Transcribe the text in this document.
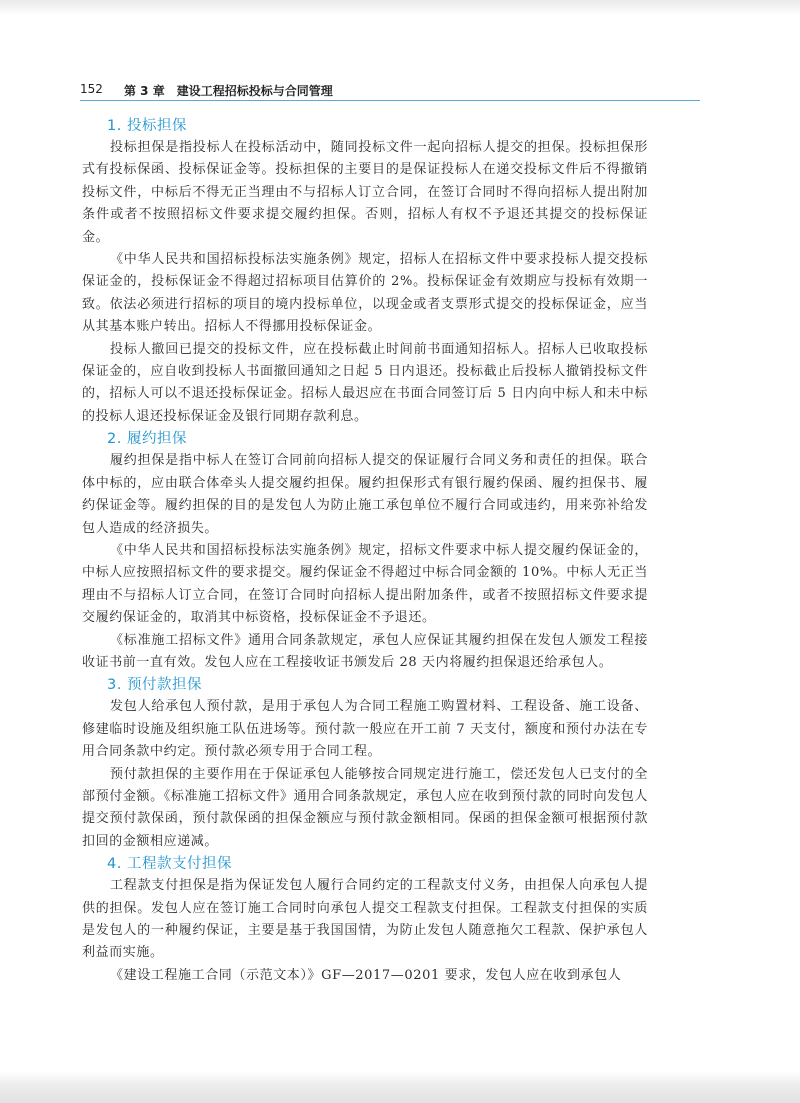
152 第 3 章　建设工程招标投标与合同管理
1. 投标担保

投标担保是指投标人在投标活动中，随同投标文件一起向招标人提交的担保。投标担保形式有投标保函、投标保证金等。投标担保的主要目的是保证投标人在递交投标文件后不得撤销投标文件，中标后不得无正当理由不与招标人订立合同，在签订合同时不得向招标人提出附加条件或者不按照招标文件要求提交履约担保。否则，招标人有权不予退还其提交的投标保证金。

《中华人民共和国招标投标法实施条例》规定，招标人在招标文件中要求投标人提交投标保证金的，投标保证金不得超过招标项目估算价的 2%。投标保证金有效期应与投标有效期一致。依法必须进行招标的项目的境内投标单位，以现金或者支票形式提交的投标保证金，应当从其基本账户转出。招标人不得挪用投标保证金。

投标人撤回已提交的投标文件，应在投标截止时间前书面通知招标人。招标人已收取投标保证金的，应自收到投标人书面撤回通知之日起 5 日内退还。投标截止后投标人撤销投标文件的，招标人可以不退还投标保证金。招标人最迟应在书面合同签订后 5 日内向中标人和未中标的投标人退还投标保证金及银行同期存款利息。

2. 履约担保

履约担保是指中标人在签订合同前向招标人提交的保证履行合同义务和责任的担保。联合体中标的，应由联合体牵头人提交履约担保。履约担保形式有银行履约保函、履约担保书、履约保证金等。履约担保的目的是发包人为防止施工承包单位不履行合同或违约，用来弥补给发包人造成的经济损失。

《中华人民共和国招标投标法实施条例》规定，招标文件要求中标人提交履约保证金的，中标人应按照招标文件的要求提交。履约保证金不得超过中标合同金额的 10%。中标人无正当理由不与招标人订立合同，在签订合同时向招标人提出附加条件，或者不按照招标文件要求提交履约保证金的，取消其中标资格，投标保证金不予退还。

《标准施工招标文件》通用合同条款规定，承包人应保证其履约担保在发包人颁发工程接收证书前一直有效。发包人应在工程接收证书颁发后 28 天内将履约担保退还给承包人。

3. 预付款担保

发包人给承包人预付款，是用于承包人为合同工程施工购置材料、工程设备、施工设备、修建临时设施及组织施工队伍进场等。预付款一般应在开工前 7 天支付，额度和预付办法在专用合同条款中约定。预付款必须专用于合同工程。

预付款担保的主要作用在于保证承包人能够按合同规定进行施工，偿还发包人已支付的全部预付金额。《标准施工招标文件》通用合同条款规定，承包人应在收到预付款的同时向发包人提交预付款保函，预付款保函的担保金额应与预付款金额相同。保函的担保金额可根据预付款扣回的金额相应递减。

4. 工程款支付担保

工程款支付担保是指为保证发包人履行合同约定的工程款支付义务，由担保人向承包人提供的担保。发包人应在签订施工合同时向承包人提交工程款支付担保。工程款支付担保的实质是发包人的一种履约保证，主要是基于我国国情，为防止发包人随意拖欠工程款、保护承包人利益而实施。

《建设工程施工合同（示范文本）》GF—2017—0201 要求，发包人应在收到承包人
